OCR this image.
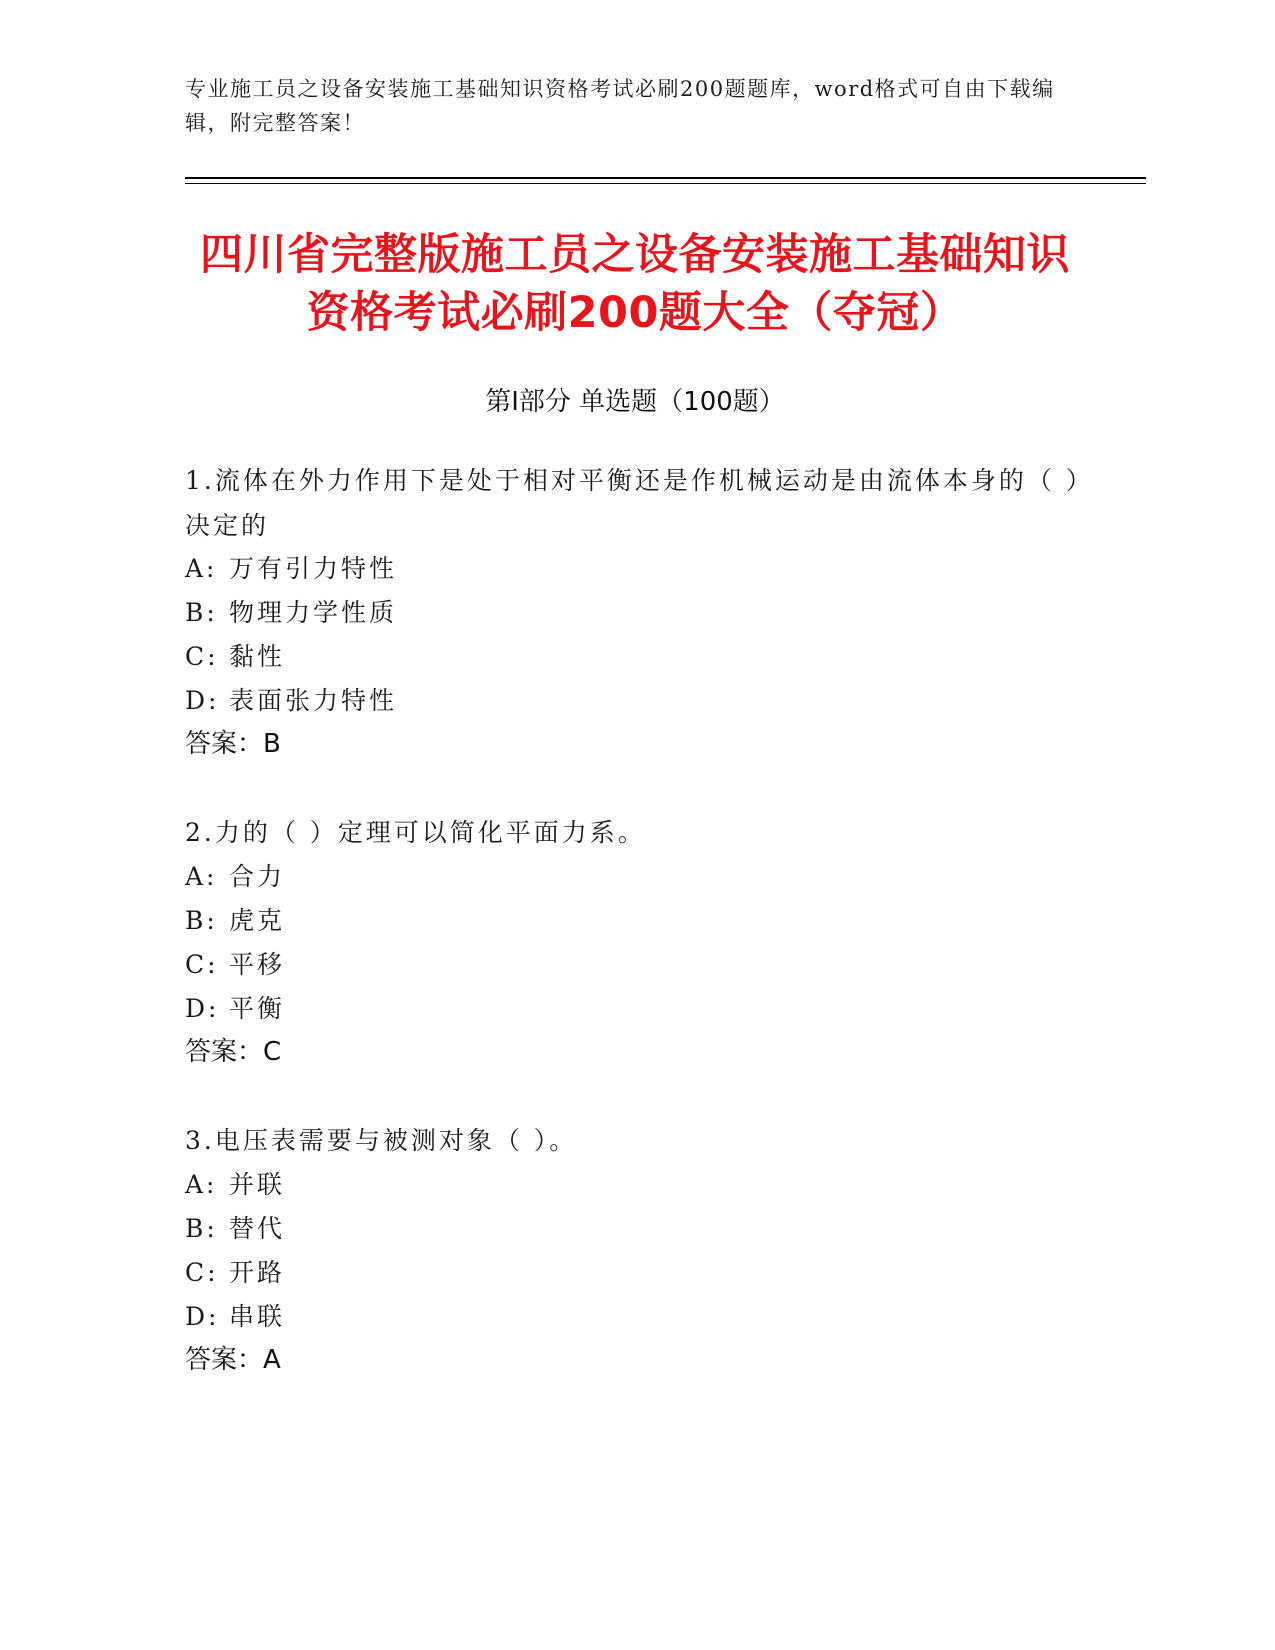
专业施工员之设备安装施工基础知识资格考试必刷200题题库，word格式可自由下载编辑，附完整答案！
四川省完整版施工员之设备安装施工基础知识资格考试必刷200题大全（夺冠）
第Ⅰ部分 单选题（100题）
1.流体在外力作用下是处于相对平衡还是作机械运动是由流体本身的（ ）决定的
A: 万有引力特性
B: 物理力学性质
C: 黏性
D: 表面张力特性
答案：B
2.力的（ ）定理可以简化平面力系。
A: 合力
B: 虎克
C: 平移
D: 平衡
答案：C
3.电压表需要与被测对象（ ）。
A: 并联
B: 替代
C: 开路
D: 串联
答案：A
